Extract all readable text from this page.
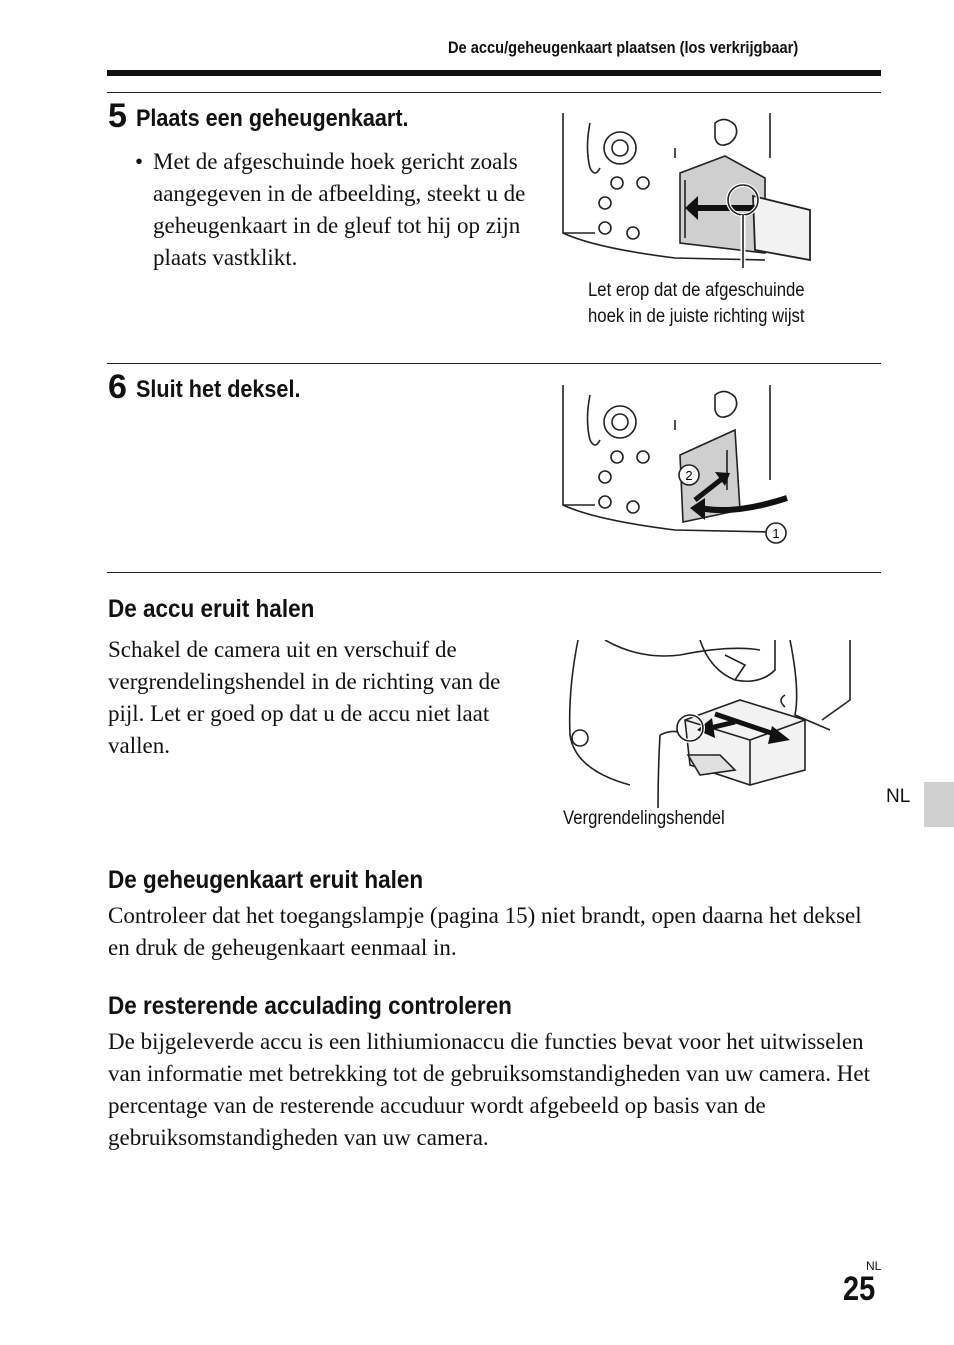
De accu/geheugenkaart plaatsen (los verkrijgbaar)
5 Plaats een geheugenkaart.
• Met de afgeschuinde hoek gericht zoals aangegeven in de afbeelding, steekt u de geheugenkaart in de gleuf tot hij op zijn plaats vastklikt.
Let erop dat de afgeschuinde
hoek in de juiste richting wijst
6 Sluit het deksel.
2
1
De accu eruit halen
Schakel de camera uit en verschuif de vergrendelingshendel in de richting van de pijl. Let er goed op dat u de accu niet laat vallen.
Vergrendelingshendel
NL
De geheugenkaart eruit halen
Controleer dat het toegangslampje (pagina 15) niet brandt, open daarna het deksel en druk de geheugenkaart eenmaal in.
De resterende acculading controleren
De bijgeleverde accu is een lithiumionaccu die functies bevat voor het uitwisselen van informatie met betrekking tot de gebruiksomstandigheden van uw camera. Het percentage van de resterende accuduur wordt afgebeeld op basis van de gebruiksomstandigheden van uw camera.
NL
25
